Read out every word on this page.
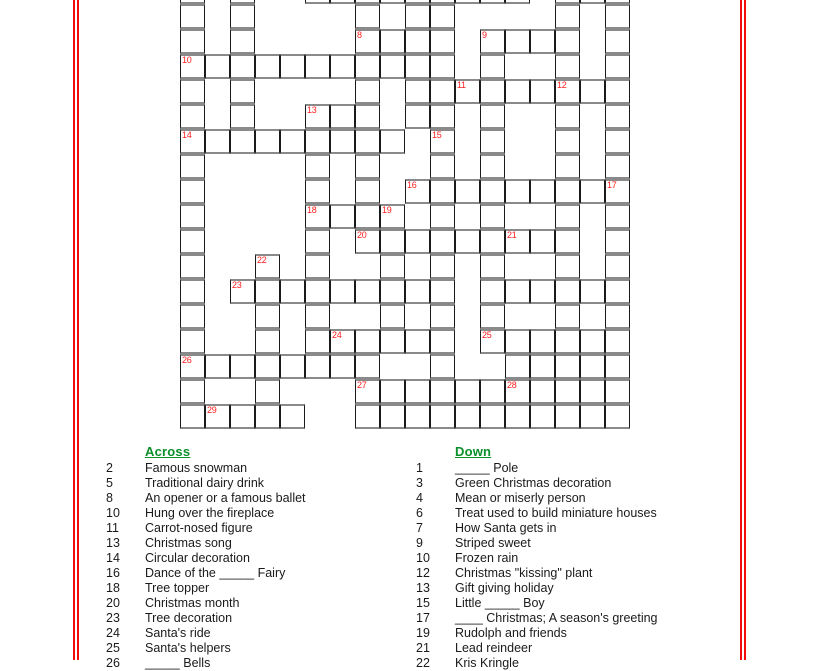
8	9
10
11	12
13
14	15
16	17
18	19
20	21
22
23
24	25
26
27	28
29
Across
2	Famous snowman
5	Traditional dairy drink
8	An opener or a famous ballet
10	Hung over the fireplace
11	Carrot-nosed figure
13	Christmas song
14	Circular decoration
16	Dance of the _____ Fairy
18	Tree topper
20	Christmas month
23	Tree decoration
24	Santa's ride
25	Santa's helpers
26	_____ Bells
Down
1	_____ Pole
3	Green Christmas decoration
4	Mean or miserly person
6	Treat used to build miniature houses
7	How Santa gets in
9	Striped sweet
10	Frozen rain
12	Christmas "kissing" plant
13	Gift giving holiday
15	Little _____ Boy
17	____ Christmas; A season's greeting
19	Rudolph and friends
21	Lead reindeer
22	Kris Kringle
